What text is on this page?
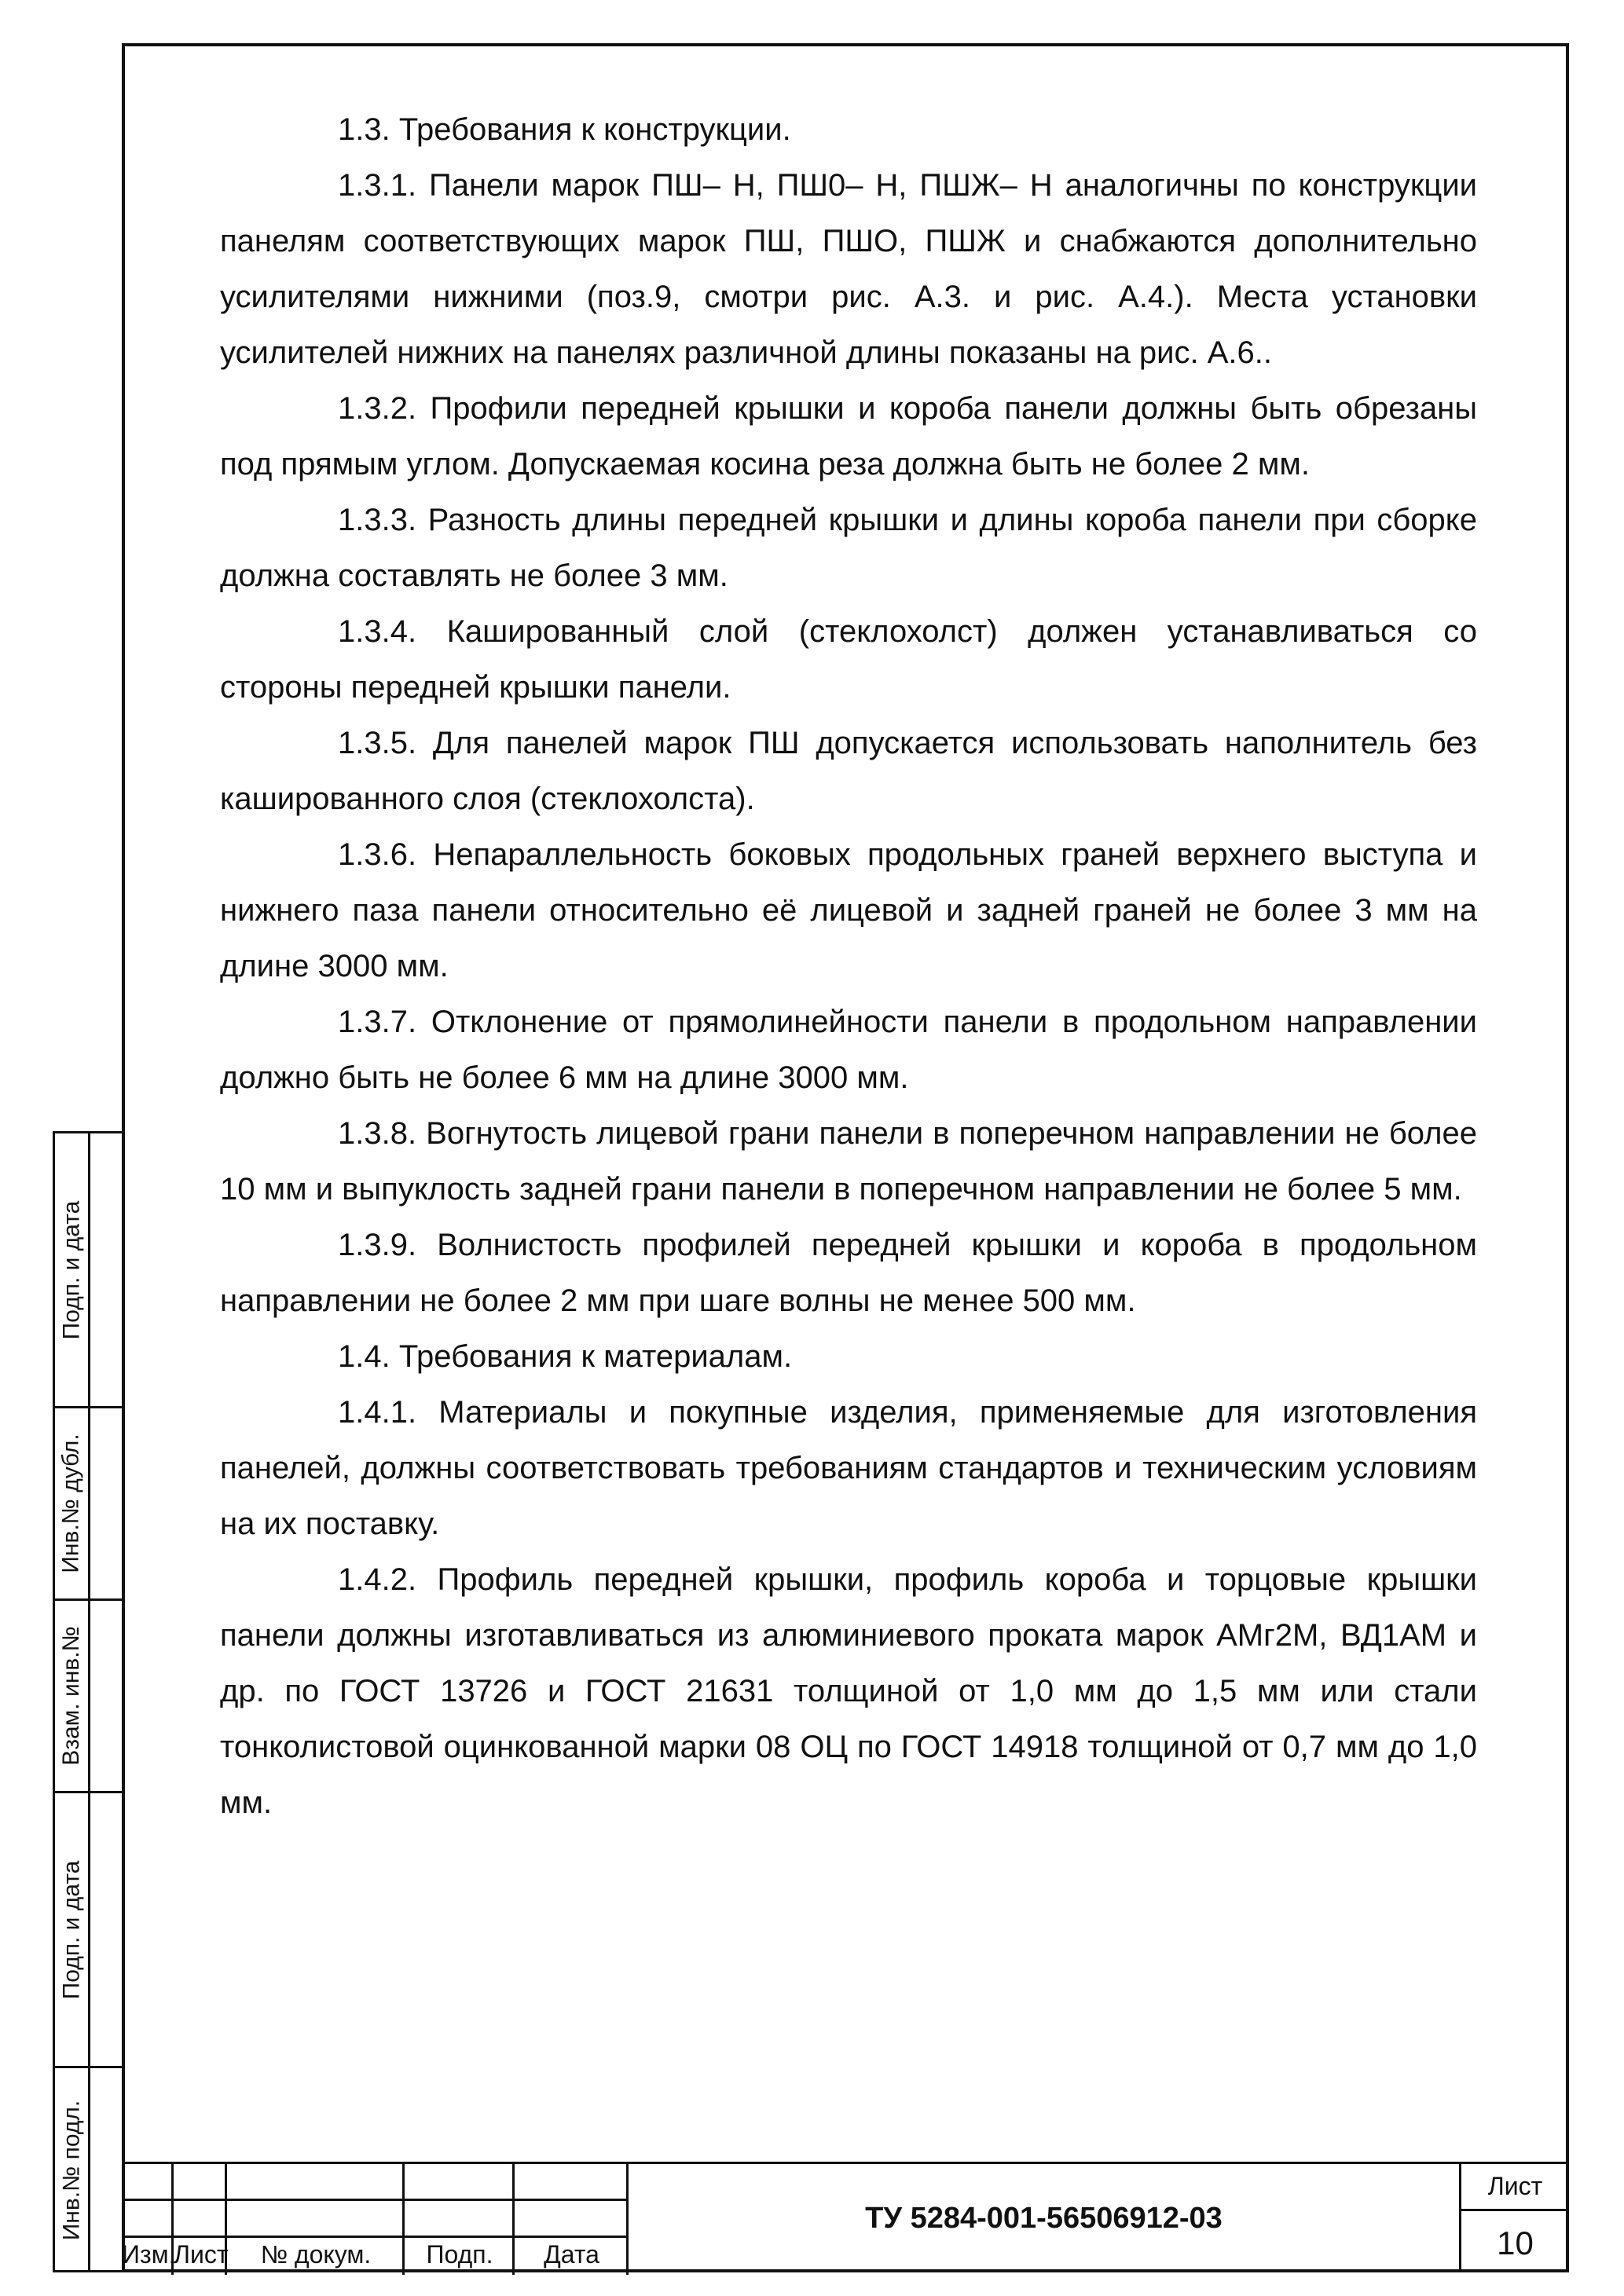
1.3. Требования к конструкции.

1.3.1. Панели марок ПШ– Н, ПШ0– Н, ПШЖ– Н аналогичны по конструкции панелям соответствующих марок ПШ, ПШО, ПШЖ и снабжаются дополнительно усилителями нижними (поз.9, смотри рис. А.3. и рис. А.4.). Места установки усилителей нижних на панелях различной длины показаны на рис. А.6..

1.3.2. Профили передней крышки и короба панели должны быть обрезаны под прямым углом. Допускаемая косина реза должна быть не более 2 мм.

1.3.3. Разность длины передней крышки и длины короба панели при сборке должна составлять не более 3 мм.

1.3.4. Кашированный слой (стеклохолст) должен устанавливаться со стороны передней крышки панели.

1.3.5. Для панелей марок ПШ допускается использовать наполнитель без кашированного слоя (стеклохолста).

1.3.6. Непараллельность боковых продольных граней верхнего выступа и нижнего паза панели относительно её лицевой и задней граней не более 3 мм на длине 3000 мм.

1.3.7. Отклонение от прямолинейности панели в продольном направлении должно быть не более 6 мм на длине 3000 мм.

1.3.8. Вогнутость лицевой грани панели в поперечном направлении не более 10 мм и выпуклость задней грани панели в поперечном направлении не более 5 мм.

1.3.9. Волнистость профилей передней крышки и короба в продольном направлении не более 2 мм при шаге волны не менее 500 мм.

1.4. Требования к материалам.

1.4.1. Материалы и покупные изделия, применяемые для изготовления панелей, должны соответствовать требованиям стандартов и техническим условиям на их поставку.

1.4.2. Профиль передней крышки, профиль короба и торцовые крышки панели должны изготавливаться из алюминиевого проката марок АМг2М, ВД1АМ и др. по ГОСТ 13726 и ГОСТ 21631 толщиной от 1,0 мм до 1,5 мм или стали тонколистовой оцинкованной марки 08 ОЦ по ГОСТ 14918 толщиной от 0,7 мм до 1,0 мм.

Подп. и дата
Инв.№ дубл.
Взам. инв.№
Подп. и дата
Инв.№ подл.
Изм.
Лист	№ докум.	Подп.	Дата
ТУ 5284-001-56506912-03
Лист
10
